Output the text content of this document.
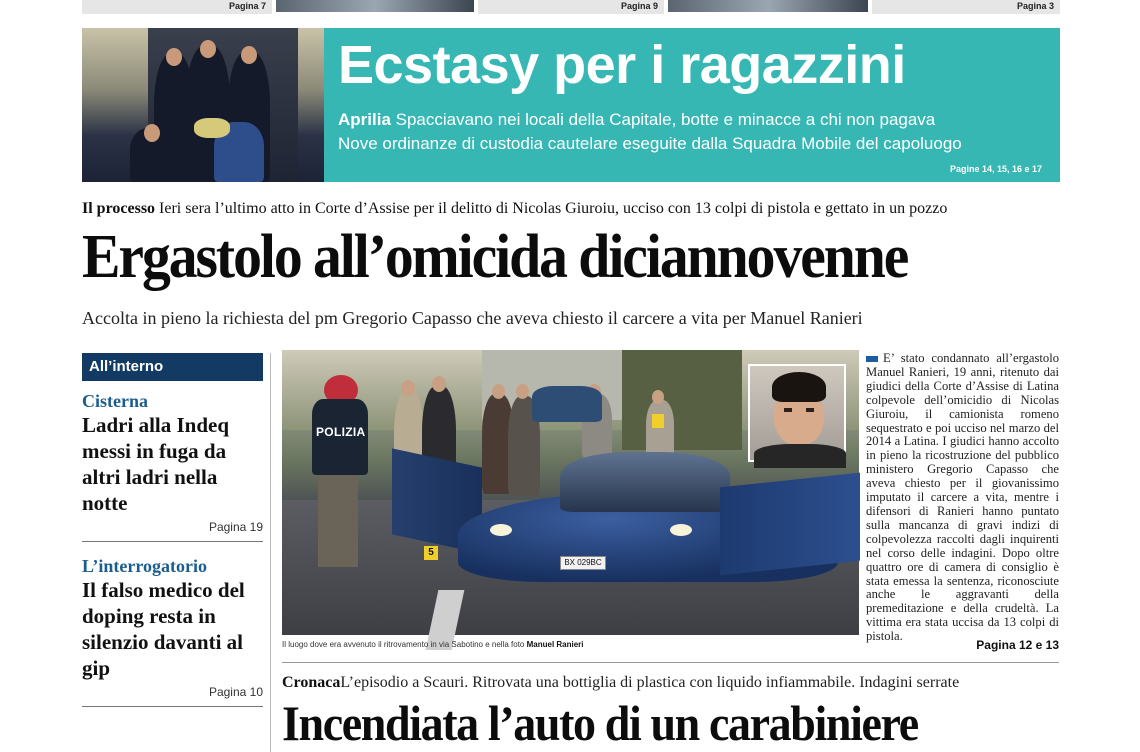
Pagina 7	Pagina 9	Pagina 3
Ecstasy per i ragazzini
Aprilia Spacciavano nei locali della Capitale, botte e minacce a chi non pagava
Nove ordinanze di custodia cautelare eseguite dalla Squadra Mobile del capoluogo
Pagine 14, 15, 16 e 17
Il processo Ieri sera l’ultimo atto in Corte d’Assise per il delitto di Nicolas Giuroiu, ucciso con 13 colpi di pistola e gettato in un pozzo
Ergastolo all’omicida diciannovenne
Accolta in pieno la richiesta del pm Gregorio Capasso che aveva chiesto il carcere a vita per Manuel Ranieri
All’interno
Cisterna
Ladri alla Indeq messi in fuga da altri ladri nella notte
Pagina 19
L’interrogatorio
Il falso medico del doping resta in silenzio davanti al gip
Pagina 10
BX 029BC
POLIZIA
5
Il luogo dove era avvenuto il ritrovamento in via Sabotino e nella foto Manuel Ranieri
E’ stato condannato all’ergastolo Manuel Ranieri, 19 anni, ritenuto dai giudici della Corte d’Assise di Latina colpevole dell’omicidio di Nicolas Giuroiu, il camionista romeno sequestrato e poi ucciso nel marzo del 2014 a Latina. I giudici hanno accolto in pieno la ricostruzione del pubblico ministero Gregorio Capasso che aveva chiesto per il giovanissimo imputato il carcere a vita, mentre i difensori di Ranieri hanno puntato sulla mancanza di gravi indizi di colpevolezza raccolti dagli inquirenti nel corso delle indagini. Dopo oltre quattro ore di camera di consiglio è stata emessa la sentenza, riconosciute anche le aggravanti della premeditazione e della crudeltà. La vittima era stata uccisa da 13 colpi di pistola.
Pagina 12 e 13
CronacaL’episodio a Scauri. Ritrovata una bottiglia di plastica con liquido infiammabile. Indagini serrate
Incendiata l’auto di un carabiniere
